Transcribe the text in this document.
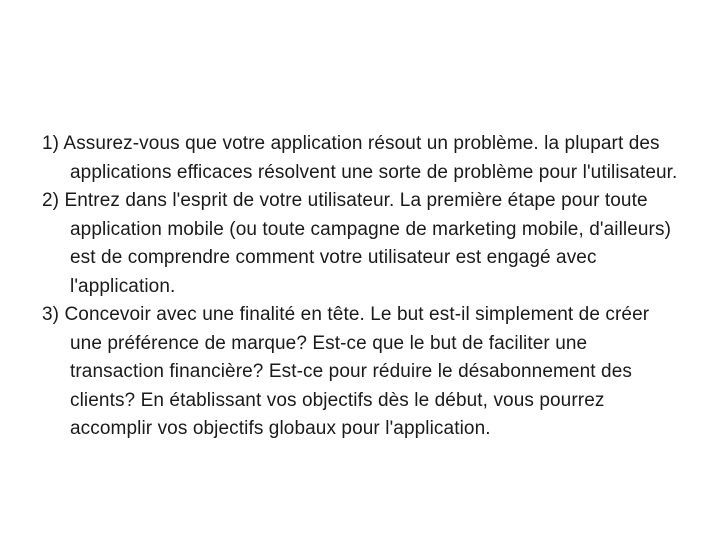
1) Assurez-vous que votre application résout un problème. la plupart des applications efficaces résolvent une sorte de problème pour l'utilisateur.

2) Entrez dans l'esprit de votre utilisateur. La première étape pour toute application mobile (ou toute campagne de marketing mobile, d'ailleurs) est de comprendre comment votre utilisateur est engagé avec l'application.

3) Concevoir avec une finalité en tête. Le but est-il simplement de créer une préférence de marque? Est-ce que le but de faciliter une transaction financière? Est-ce pour réduire le désabonnement des clients? En établissant vos objectifs dès le début, vous pourrez accomplir vos objectifs globaux pour l'application.
